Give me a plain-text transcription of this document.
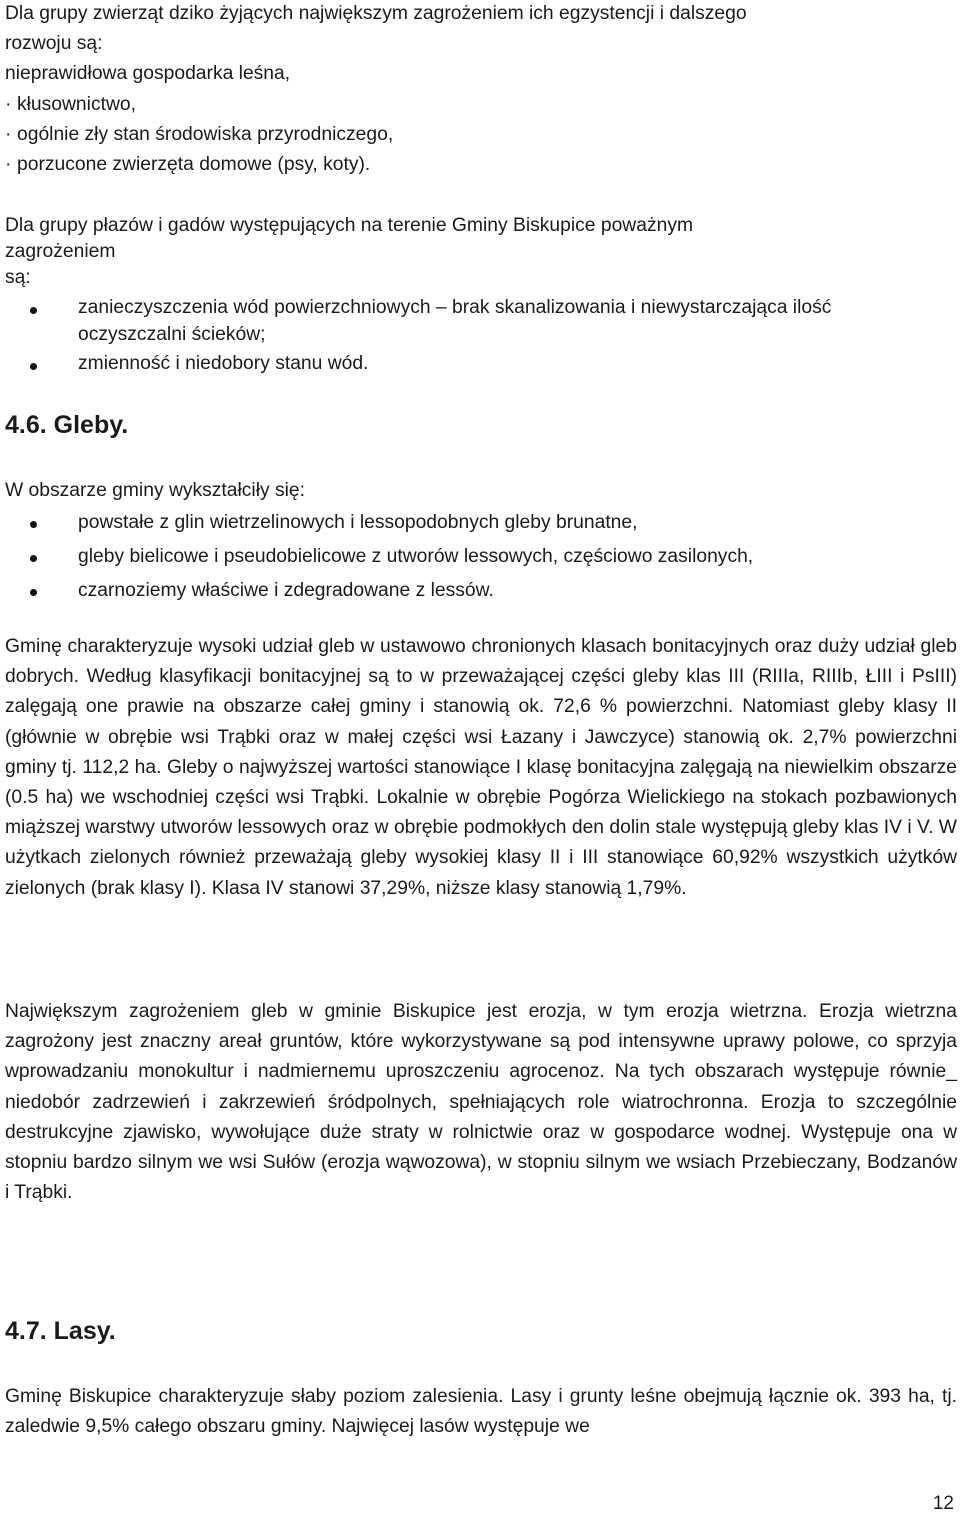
Dla grupy zwierząt dziko żyjących największym zagrożeniem ich egzystencji i dalszego
rozwoju są:
nieprawidłowa gospodarka leśna,
· kłusownictwo,
· ogólnie zły stan środowiska przyrodniczego,
· porzucone zwierzęta domowe (psy, koty).
Dla grupy płazów i gadów występujących na terenie Gminy Biskupice poważnym
zagrożeniem
są:
zanieczyszczenia wód powierzchniowych – brak skanalizowania i niewystarczająca ilość oczyszczalni ścieków;
zmienność i niedobory stanu wód.
4.6. Gleby.

W obszarze gminy wykształciły się:

powstałe z glin wietrzelinowych i lessopodobnych gleby brunatne,
gleby bielicowe i pseudobielicowe z utworów lessowych, częściowo zasilonych,
czarnoziemy właściwe i zdegradowane z lessów.

Gminę charakteryzuje wysoki udział gleb w ustawowo chronionych klasach bonitacyjnych oraz duży udział gleb dobrych. Według klasyfikacji bonitacyjnej są to w przeważającej części gleby klas III (RIIIa, RIIIb, ŁIII i PsIII) zalęgają one prawie na obszarze całej gminy i stanowią ok. 72,6 % powierzchni. Natomiast gleby klasy II (głównie w obrębie wsi Trąbki oraz w małej części wsi Łazany i Jawczyce) stanowią ok. 2,7% powierzchni gminy tj. 112,2 ha. Gleby o najwyższej wartości stanowiące I klasę bonitacyjna zalęgają na niewielkim obszarze (0.5 ha) we wschodniej części wsi Trąbki. Lokalnie w obrębie Pogórza Wielickiego na stokach pozbawionych miąższej warstwy utworów lessowych oraz w obrębie podmokłych den dolin stale występują gleby klas IV i V. W użytkach zielonych również przeważają gleby wysokiej klasy II i III stanowiące 60,92% wszystkich użytków zielonych (brak klasy I). Klasa IV stanowi 37,29%, niższe klasy stanowią 1,79%.

Największym zagrożeniem gleb w gminie Biskupice jest erozja, w tym erozja wietrzna. Erozja wietrzna zagrożony jest znaczny areał gruntów, które wykorzystywane są pod intensywne uprawy polowe, co sprzyja wprowadzaniu monokultur i nadmiernemu uproszczeniu agrocenoz. Na tych obszarach występuje równie_ niedobór zadrzewień i zakrzewień śródpolnych, spełniających role wiatrochronna. Erozja to szczególnie destrukcyjne zjawisko, wywołujące duże straty w rolnictwie oraz w gospodarce wodnej. Występuje ona w stopniu bardzo silnym we wsi Sułów (erozja wąwozowa), w stopniu silnym we wsiach Przebieczany, Bodzanów i Trąbki.

4.7. Lasy.

Gminę Biskupice charakteryzuje słaby poziom zalesienia. Lasy i grunty leśne obejmują łącznie ok. 393 ha, tj. zaledwie 9,5% całego obszaru gminy. Najwięcej lasów występuje we

12
